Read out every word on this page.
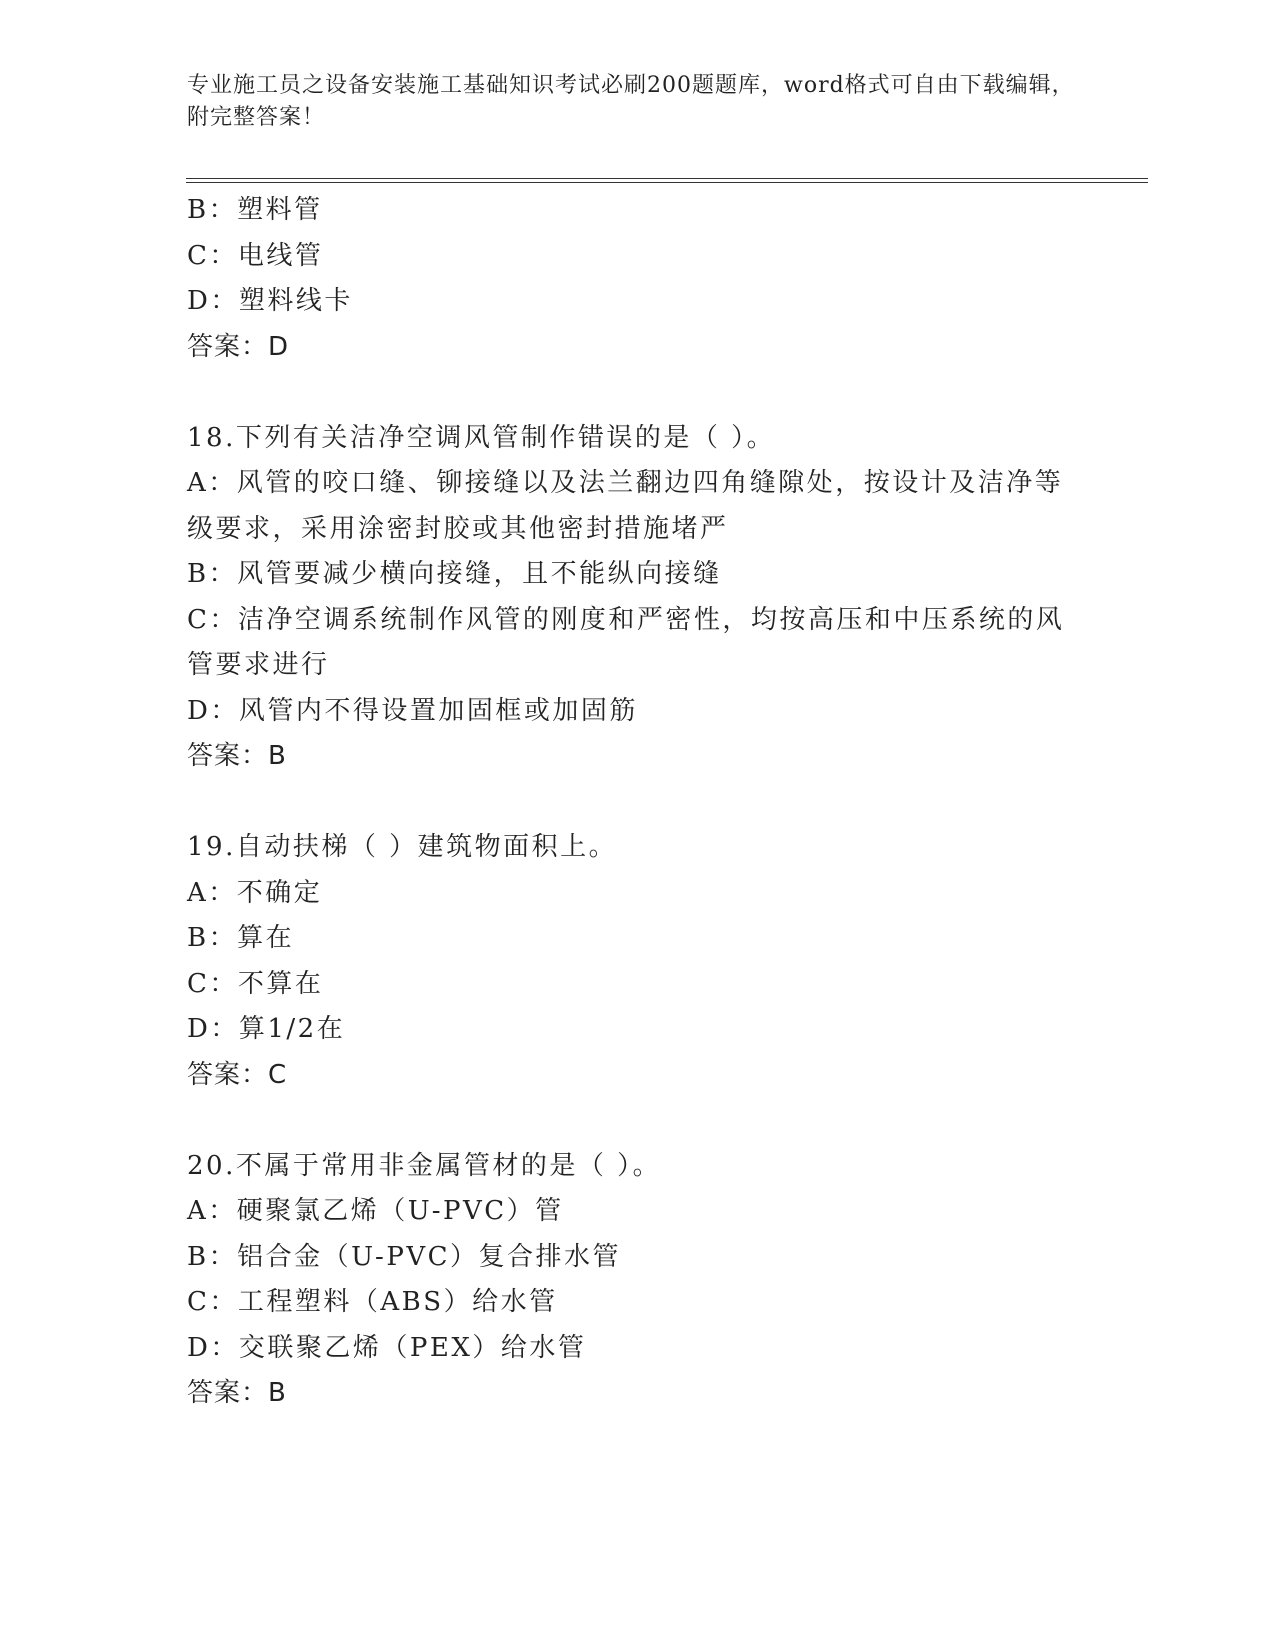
专业施工员之设备安装施工基础知识考试必刷200题题库，word格式可自由下载编辑，附完整答案！
B：塑料管
C：电线管
D：塑料线卡
答案：D
18.下列有关洁净空调风管制作错误的是（ ）。
A：风管的咬口缝、铆接缝以及法兰翻边四角缝隙处，按设计及洁净等
级要求，采用涂密封胶或其他密封措施堵严
B：风管要减少横向接缝，且不能纵向接缝
C：洁净空调系统制作风管的刚度和严密性，均按高压和中压系统的风
管要求进行
D：风管内不得设置加固框或加固筋
答案：B
19.自动扶梯（ ）建筑物面积上。
A：不确定
B：算在
C：不算在
D：算1/2在
答案：C
20.不属于常用非金属管材的是（ ）。
A：硬聚氯乙烯（U-PVC）管
B：铝合金（U-PVC）复合排水管
C：工程塑料（ABS）给水管
D：交联聚乙烯（PEX）给水管
答案：B
